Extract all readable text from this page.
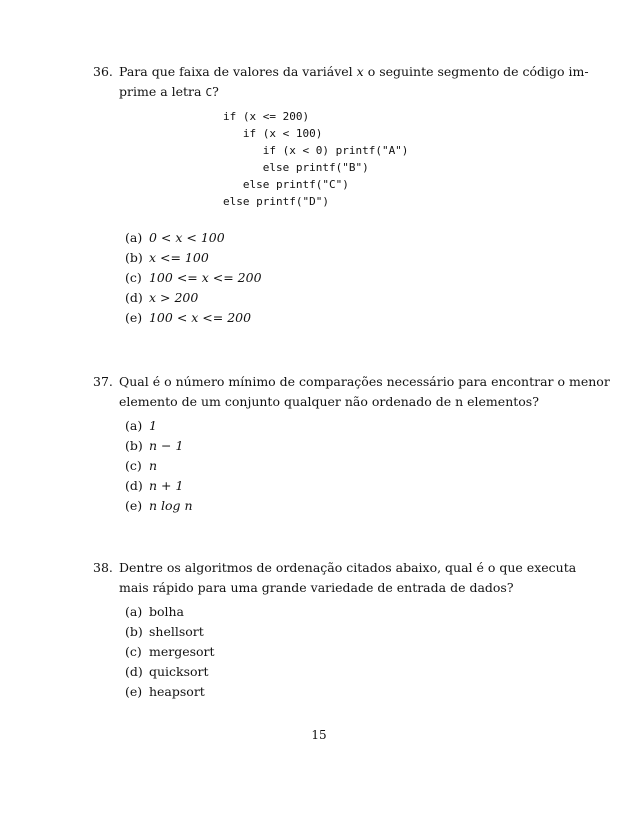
36. Para que faixa de valores da variável x o seguinte segmento de código im-
prime a letra C?
if (x <= 200)
if (x < 100)
if (x < 0) printf("A")
else printf("B")
else printf("C")
else printf("D")
(a) 0 < x < 100
(b) x <= 100
(c) 100 <= x <= 200
(d) x > 200
(e) 100 < x <= 200
37. Qual é o número mínimo de comparações necessário para encontrar o menor
elemento de um conjunto qualquer não ordenado de n elementos?
(a) 1
(b) n − 1
(c) n
(d) n + 1
(e) n log n
38. Dentre os algoritmos de ordenação citados abaixo, qual é o que executa
mais rápido para uma grande variedade de entrada de dados?
(a) bolha
(b) shellsort
(c) mergesort
(d) quicksort
(e) heapsort
15
